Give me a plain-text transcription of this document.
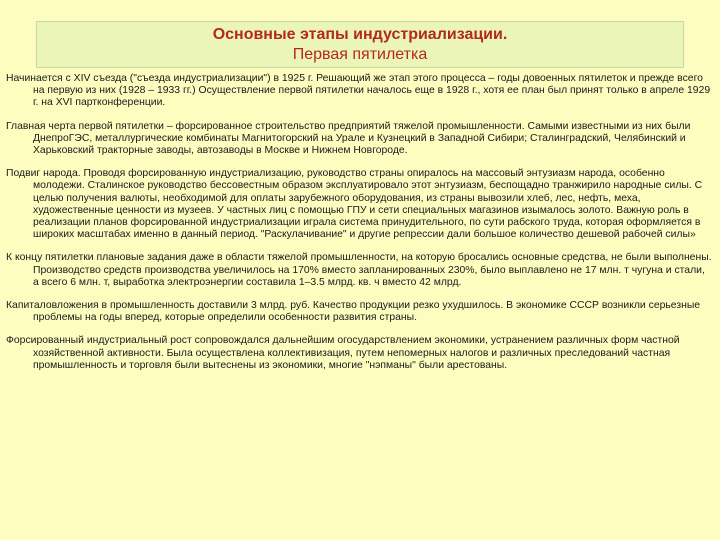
Основные этапы индустриализации.
Первая пятилетка

Начинается с XIV съезда ("съезда индустриализации") в 1925 г. Решающий же этап этого процесса – годы довоенных пятилеток и прежде всего на первую из них (1928 – 1933 гг.) Осуществление первой пятилетки началось еще в 1928 г., хотя ее план был принят только в апреле 1929 г. на XVI партконференции.

Главная черта первой пятилетки – форсированное строительство предприятий тяжелой промышленности. Самыми известными из них были ДнепроГЭС, металлургические комбинаты Магнитогорский на Урале и Кузнецкий в Западной Сибири; Сталинградский, Челябинский и Харьковский тракторные заводы, автозаводы в Москве и Нижнем Новгороде.

Подвиг народа. Проводя форсированную индустриализацию, руководство страны опиралось на массовый энтузиазм народа, особенно молодежи. Сталинское руководство бессовестным образом эксплуатировало этот энтузиазм, беспощадно транжирило народные силы. С целью получения валюты, необходимой для оплаты зарубежного оборудования, из страны вывозили хлеб, лес, нефть, меха, художественные ценности из музеев. У частных лиц с помощью ГПУ и сети специальных магазинов изымалось золото. Важную роль в реализации планов форсированной индустриализации играла система принудительного, по сути рабского труда, которая оформляется в широких масштабах именно в данный период. "Раскулачивание" и другие репрессии дали большое количество дешевой рабочей силы»

К концу пятилетки плановые задания даже в области тяжелой промышленности, на которую бросались основные средства, не были выполнены. Производство средств производства увеличилось на 170% вместо запланированных 230%, было выплавлено не 17 млн. т чугуна и стали, а всего 6 млн. т, выработка электроэнергии составила 1–3.5 млрд. кв. ч вместо 42 млрд.

Капиталовложения в промышленность доставили 3 млрд. руб. Качество продукции резко ухудшилось. В экономике СССР возникли серьезные проблемы на годы вперед, которые определили особенности развития страны.

Форсированный индустриальный рост сопровождался дальнейшим огосударствлением экономики, устранением различных форм частной хозяйственной активности. Была осуществлена коллективизация, путем непомерных налогов и различных преследований частная промышленность и торговля были вытеснены из экономики, многие "нэпманы" были арестованы.
